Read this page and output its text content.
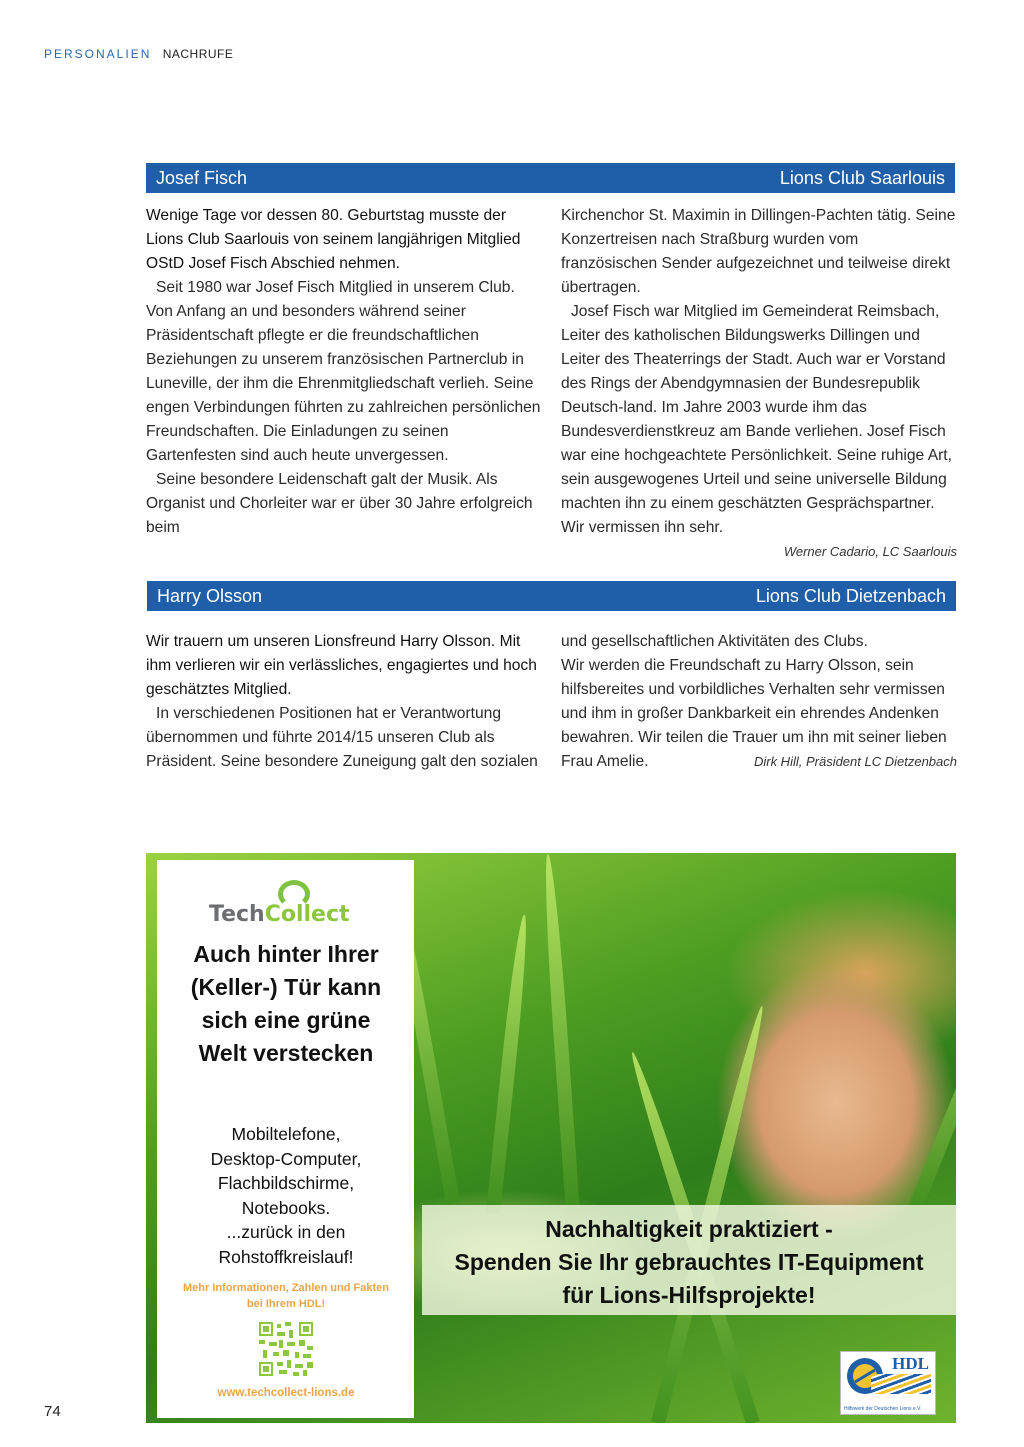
PERSONALIEN NACHRUFE
Josef Fisch	Lions Club Saarlouis

Wenige Tage vor dessen 80. Geburtstag musste der Lions Club Saarlouis von seinem langjährigen Mitglied OStD Josef Fisch Abschied nehmen.

Seit 1980 war Josef Fisch Mitglied in unserem Club. Von Anfang an und besonders während seiner Präsidentschaft pflegte er die freundschaftlichen Beziehungen zu unserem französischen Partnerclub in Luneville, der ihm die Ehrenmitgliedschaft verlieh. Seine engen Verbindungen führten zu zahlreichen persönlichen Freundschaften. Die Einladungen zu seinen Gartenfesten sind auch heute unvergessen.

Seine besondere Leidenschaft galt der Musik. Als Organist und Chorleiter war er über 30 Jahre erfolgreich beim

Kirchenchor St. Maximin in Dillingen-Pachten tätig. Seine Konzertreisen nach Straßburg wurden vom französischen Sender aufgezeichnet und teilweise direkt übertragen.

Josef Fisch war Mitglied im Gemeinderat Reimsbach, Leiter des katholischen Bildungswerks Dillingen und Leiter des Theaterrings der Stadt. Auch war er Vorstand des Rings der Abendgymnasien der Bundesrepublik Deutsch-land. Im Jahre 2003 wurde ihm das Bundesverdienstkreuz am Bande verliehen. Josef Fisch war eine hochgeachtete Persönlichkeit. Seine ruhige Art, sein ausgewogenes Urteil und seine universelle Bildung machten ihn zu einem geschätzten Gesprächspartner. Wir vermissen ihn sehr.

Werner Cadario, LC Saarlouis

Harry Olsson	Lions Club Dietzenbach

Wir trauern um unseren Lionsfreund Harry Olsson. Mit ihm verlieren wir ein verlässliches, engagiertes und hoch geschätztes Mitglied.

In verschiedenen Positionen hat er Verantwortung übernommen und führte 2014/15 unseren Club als Präsident. Seine besondere Zuneigung galt den sozialen

und gesellschaftlichen Aktivitäten des Clubs.

Wir werden die Freundschaft zu Harry Olsson, sein hilfsbereites und vorbildliches Verhalten sehr vermissen und ihm in großer Dankbarkeit ein ehrendes Andenken bewahren. Wir teilen die Trauer um ihn mit seiner lieben Frau Amelie.	Dirk Hill, Präsident LC Dietzenbach

TechCollect
Auch hinter Ihrer (Keller-) Tür kann sich eine grüne Welt verstecken
Mobiltelefone,
Desktop-Computer,
Flachbildschirme,
Notebooks.
...zurück in den Rohstoffkreislauf!
Mehr Informationen, Zahlen und Fakten bei Ihrem HDL!
www.techcollect-lions.de
Nachhaltigkeit praktiziert -
Spenden Sie Ihr gebrauchtes IT-Equipment
für Lions-Hilfsprojekte!
HDL
Hilfswerk der Deutschen Lions e.V.
74
